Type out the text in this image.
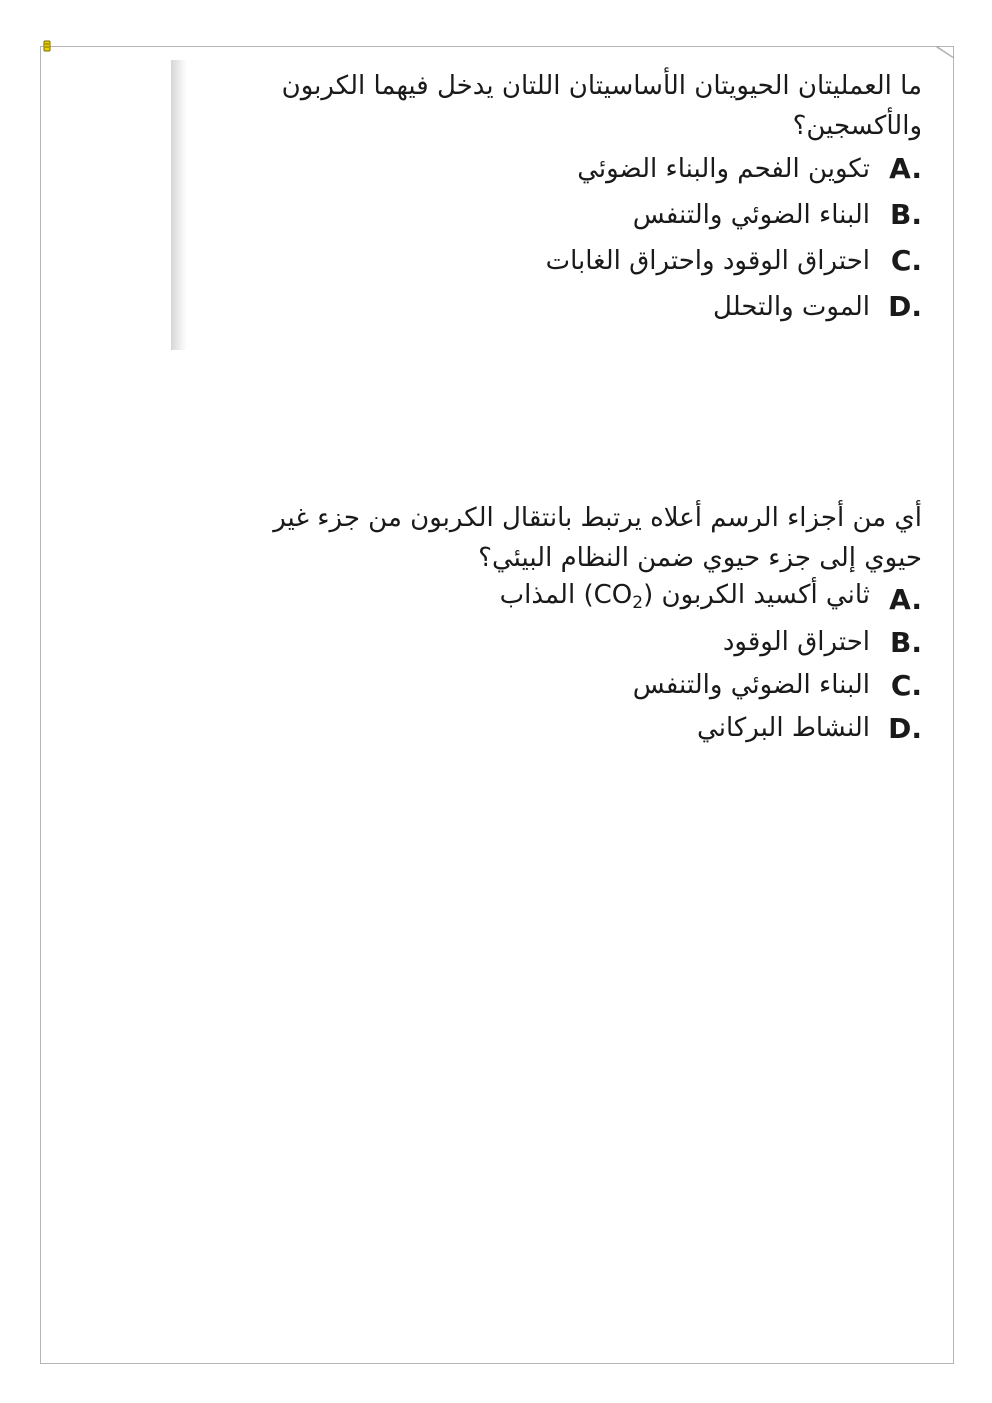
ما العمليتان الحيويتان الأساسيتان اللتان يدخل فيهما الكربون والأكسجين؟

A.
تكوين الفحم والبناء الضوئي
B.
البناء الضوئي والتنفس
C.
احتراق الوقود واحتراق الغابات
D.
الموت والتحلل

أي من أجزاء الرسم أعلاه يرتبط بانتقال الكربون من جزء غير حيوي إلى جزء حيوي ضمن النظام البيئي؟

A.
ثاني أكسيد الكربون $(CO_2)$ المذاب
B.
احتراق الوقود
C.
البناء الضوئي والتنفس
D.
النشاط البركاني
